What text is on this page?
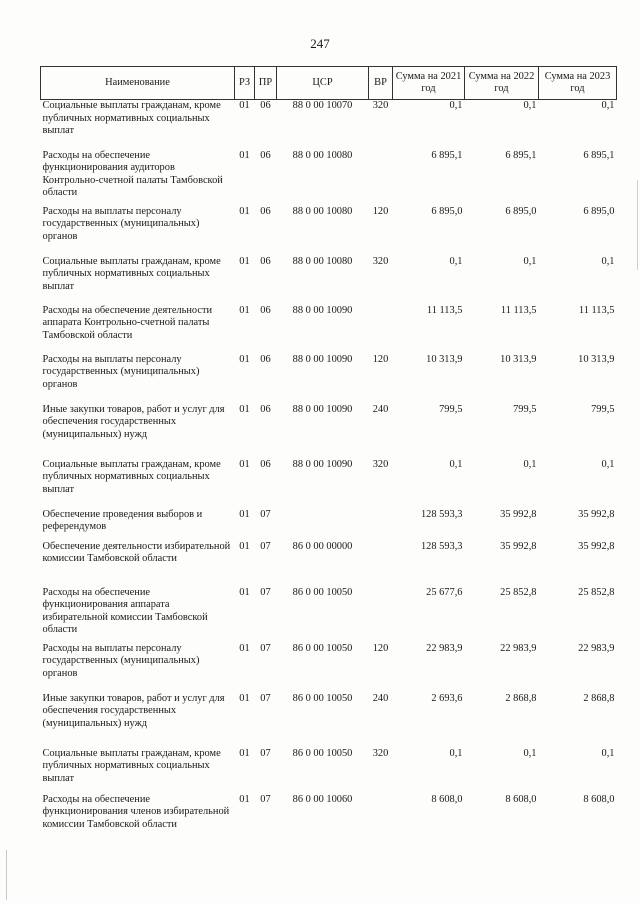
247
Наименование	РЗ	ПР	ЦСР	ВР	Сумма на 2021 год	Сумма на 2022 год	Сумма на 2023 год
Социальные выплаты гражданам, кроме публичных нормативных социальных выплат	01	06	88 0 00 10070	320	0,1	0,1	0,1
Расходы на обеспечение функционирования аудиторов Контрольно-счетной палаты Тамбовской области	01	06	88 0 00 10080		6 895,1	6 895,1	6 895,1
Расходы на выплаты персоналу государственных (муниципальных) органов	01	06	88 0 00 10080	120	6 895,0	6 895,0	6 895,0
Социальные выплаты гражданам, кроме публичных нормативных социальных выплат	01	06	88 0 00 10080	320	0,1	0,1	0,1
Расходы на обеспечение деятельности аппарата Контрольно-счетной палаты Тамбовской области	01	06	88 0 00 10090		11 113,5	11 113,5	11 113,5
Расходы на выплаты персоналу государственных (муниципальных) органов	01	06	88 0 00 10090	120	10 313,9	10 313,9	10 313,9
Иные закупки товаров, работ и услуг для обеспечения государственных (муниципальных) нужд	01	06	88 0 00 10090	240	799,5	799,5	799,5
Социальные выплаты гражданам, кроме публичных нормативных социальных выплат	01	06	88 0 00 10090	320	0,1	0,1	0,1
Обеспечение проведения выборов и референдумов	01	07			128 593,3	35 992,8	35 992,8
Обеспечение деятельности избирательной комиссии Тамбовской области	01	07	86 0 00 00000		128 593,3	35 992,8	35 992,8
Расходы на обеспечение функционирования аппарата избирательной комиссии Тамбовской области	01	07	86 0 00 10050		25 677,6	25 852,8	25 852,8
Расходы на выплаты персоналу государственных (муниципальных) органов	01	07	86 0 00 10050	120	22 983,9	22 983,9	22 983,9
Иные закупки товаров, работ и услуг для обеспечения государственных (муниципальных) нужд	01	07	86 0 00 10050	240	2 693,6	2 868,8	2 868,8
Социальные выплаты гражданам, кроме публичных нормативных социальных выплат	01	07	86 0 00 10050	320	0,1	0,1	0,1
Расходы на обеспечение функционирования членов избирательной комиссии Тамбовской области	01	07	86 0 00 10060		8 608,0	8 608,0	8 608,0
